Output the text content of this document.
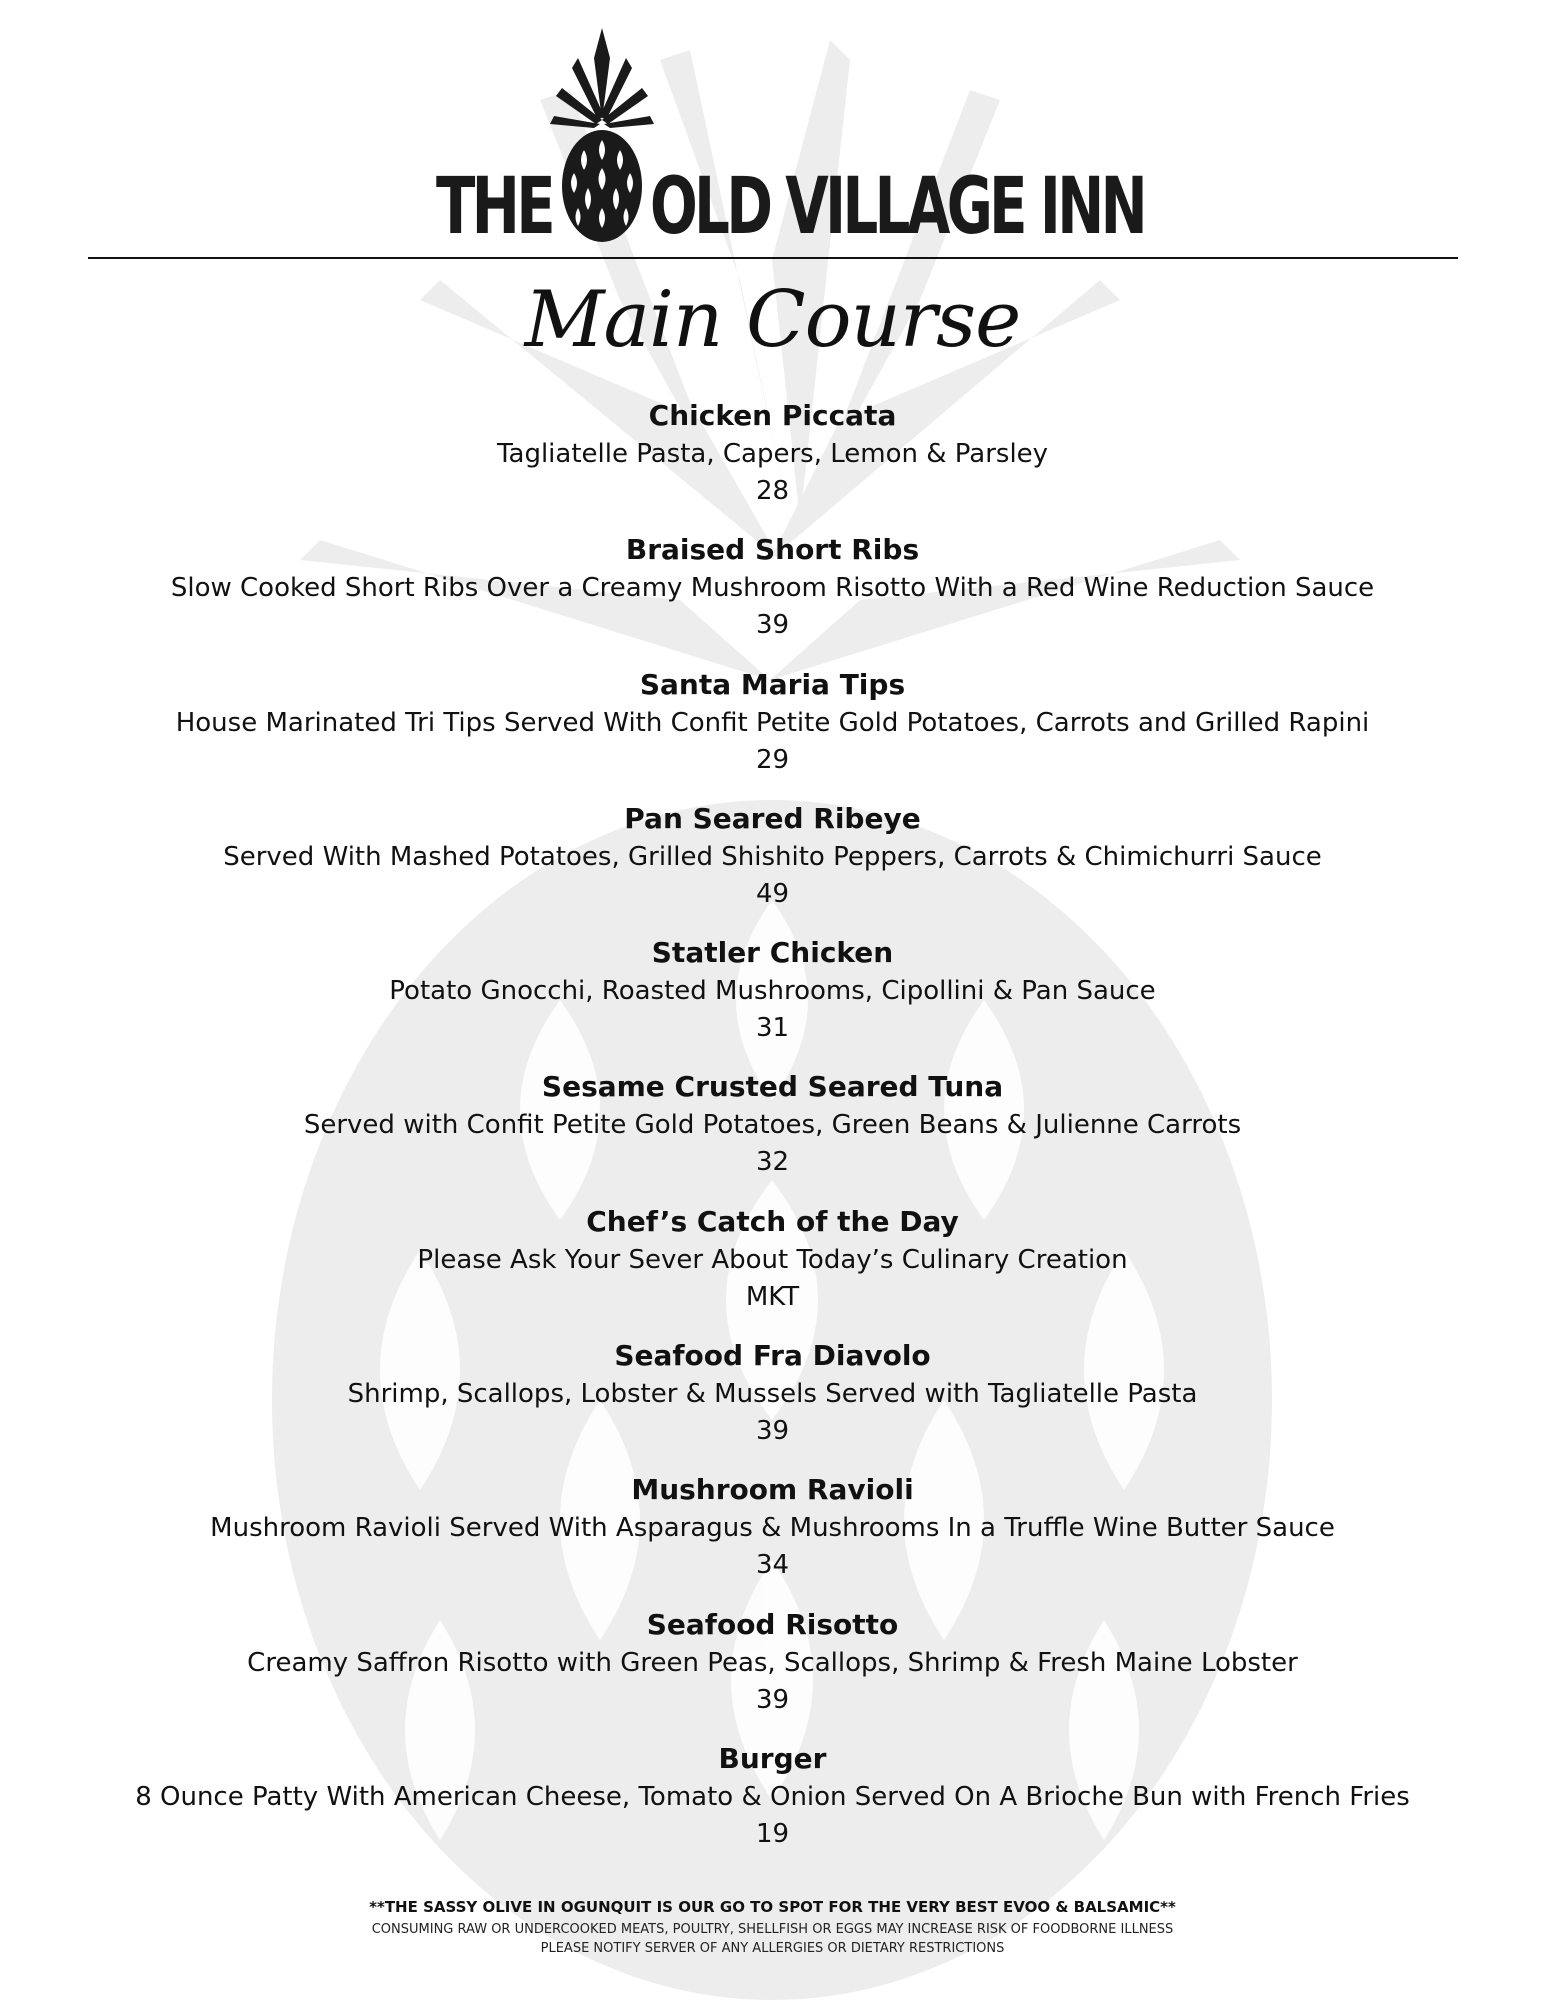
THE OLD VILLAGE INN
Main Course

Chicken Piccata

Tagliatelle Pasta, Capers, Lemon & Parsley

28

Braised Short Ribs

Slow Cooked Short Ribs Over a Creamy Mushroom Risotto With a Red Wine Reduction Sauce

39

Santa Maria Tips

House Marinated Tri Tips Served With Confit Petite Gold Potatoes, Carrots and Grilled Rapini

29

Pan Seared Ribeye

Served With Mashed Potatoes, Grilled Shishito Peppers, Carrots & Chimichurri Sauce

49

Statler Chicken

Potato Gnocchi, Roasted Mushrooms, Cipollini & Pan Sauce

31

Sesame Crusted Seared Tuna

Served with Confit Petite Gold Potatoes, Green Beans & Julienne Carrots

32

Chef’s Catch of the Day

Please Ask Your Sever About Today’s Culinary Creation

MKT

Seafood Fra Diavolo

Shrimp, Scallops, Lobster & Mussels Served with Tagliatelle Pasta

39

Mushroom Ravioli

Mushroom Ravioli Served With Asparagus & Mushrooms In a Truffle Wine Butter Sauce

34

Seafood Risotto

Creamy Saffron Risotto with Green Peas, Scallops, Shrimp & Fresh Maine Lobster

39

Burger

8 Ounce Patty With American Cheese, Tomato & Onion Served On A Brioche Bun with French Fries

19

**THE SASSY OLIVE IN OGUNQUIT IS OUR GO TO SPOT FOR THE VERY BEST EVOO & BALSAMIC**
CONSUMING RAW OR UNDERCOOKED MEATS, POULTRY, SHELLFISH OR EGGS MAY INCREASE RISK OF FOODBORNE ILLNESS
PLEASE NOTIFY SERVER OF ANY ALLERGIES OR DIETARY RESTRICTIONS
